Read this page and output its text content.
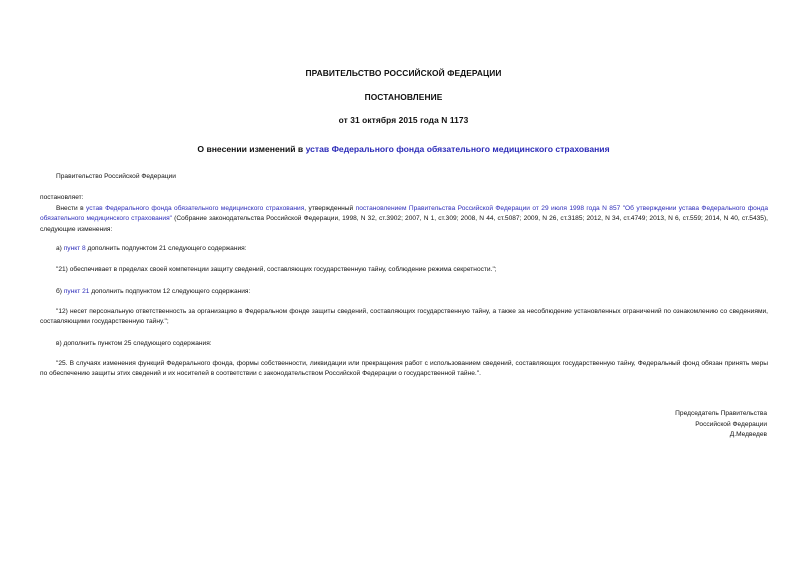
ПРАВИТЕЛЬСТВО РОССИЙСКОЙ ФЕДЕРАЦИИ
ПОСТАНОВЛЕНИЕ
от 31 октября 2015 года N 1173
О внесении изменений в устав Федерального фонда обязательного медицинского страхования

Правительство Российской Федерации

постановляет:

Внести в устав Федерального фонда обязательного медицинского страхования, утвержденный постановлением Правительства Российской Федерации от 29 июля 1998 года N 857 "Об утверждении устава Федерального фонда обязательного медицинского страхования" (Собрание законодательства Российской Федерации, 1998, N 32, ст.3902; 2007, N 1, ст.309; 2008, N 44, ст.5087; 2009, N 26, ст.3185; 2012, N 34, ст.4749; 2013, N 6, ст.559; 2014, N 40, ст.5435), следующие изменения:

а) пункт 8 дополнить подпунктом 21 следующего содержания:

"21) обеспечивает в пределах своей компетенции защиту сведений, составляющих государственную тайну, соблюдение режима секретности.";

б) пункт 21 дополнить подпунктом 12 следующего содержания:

"12) несет персональную ответственность за организацию в Федеральном фонде защиты сведений, составляющих государственную тайну, а также за несоблюдение установленных ограничений по ознакомлению со сведениями, составляющими государственную тайну.";

в) дополнить пунктом 25 следующего содержания:

"25. В случаях изменения функций Федерального фонда, формы собственности, ликвидации или прекращения работ с использованием сведений, составляющих государственную тайну, Федеральный фонд обязан принять меры по обеспечению защиты этих сведений и их носителей в соответствии с законодательством Российской Федерации о государственной тайне.".

Председатель Правительства
Российской Федерации
Д.Медведев
